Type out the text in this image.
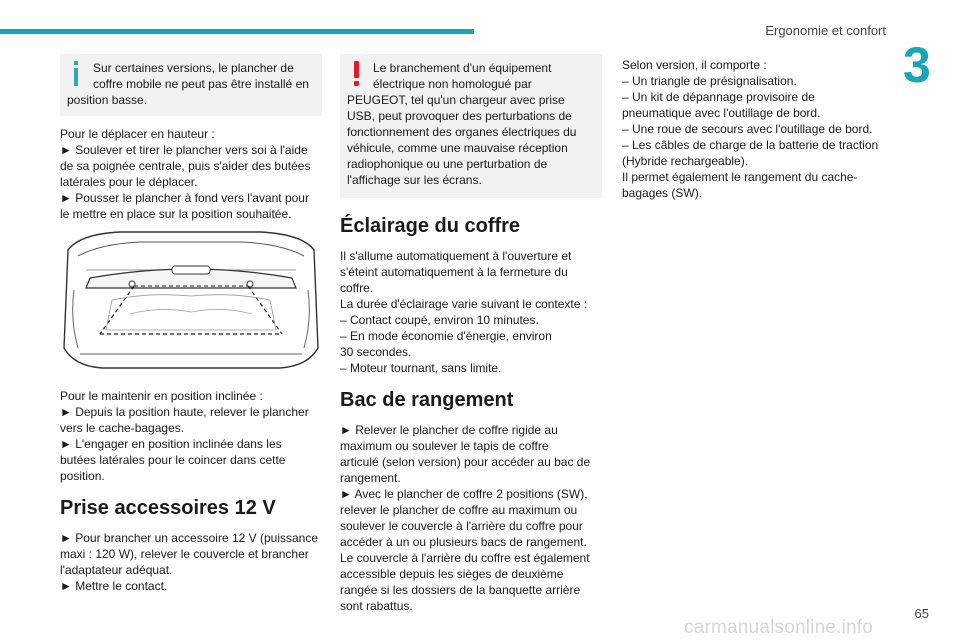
Ergonomie et confort
3
Sur certaines versions, le plancher de
coffre mobile ne peut pas être installé en
position basse.

Pour le déplacer en hauteur :
► Soulever et tirer le plancher vers soi à l'aide
de sa poignée centrale, puis s'aider des butées
latérales pour le déplacer.
► Pousser le plancher à fond vers l'avant pour
le mettre en place sur la position souhaitée.

Pour le maintenir en position inclinée :
► Depuis la position haute, relever le plancher
vers le cache-bagages.
► L'engager en position inclinée dans les
butées latérales pour le coincer dans cette
position.

Prise accessoires 12 V

► Pour brancher un accessoire 12 V (puissance
maxi : 120 W), relever le couvercle et brancher
l'adaptateur adéquat.
► Mettre le contact.

Le branchement d'un équipement
électrique non homologué par
PEUGEOT, tel qu'un chargeur avec prise
USB, peut provoquer des perturbations de
fonctionnement des organes électriques du
véhicule, comme une mauvaise réception
radiophonique ou une perturbation de
l'affichage sur les écrans.
Éclairage du coffre

Il s'allume automatiquement à l'ouverture et
s'éteint automatiquement à la fermeture du
coffre.
La durée d'éclairage varie suivant le contexte :
– Contact coupé, environ 10 minutes.
– En mode économie d'énergie, environ
30 secondes.
– Moteur tournant, sans limite.

Bac de rangement

► Relever le plancher de coffre rigide au
maximum ou soulever le tapis de coffre
articulé (selon version) pour accéder au bac de
rangement.
► Avec le plancher de coffre 2 positions (SW),
relever le plancher de coffre au maximum ou
soulever le couvercle à l'arrière du coffre pour
accéder à un ou plusieurs bacs de rangement.
Le couvercle à l'arrière du coffre est également
accessible depuis les sièges de deuxième
rangée si les dossiers de la banquette arrière
sont rabattus.

Selon version, il comporte :
– Un triangle de présignalisation.
– Un kit de dépannage provisoire de
pneumatique avec l'outillage de bord.
– Une roue de secours avec l'outillage de bord.
– Les câbles de charge de la batterie de traction
(Hybride rechargeable).
Il permet également le rangement du cache-
bagages (SW).

65
carmanualsonline.info
